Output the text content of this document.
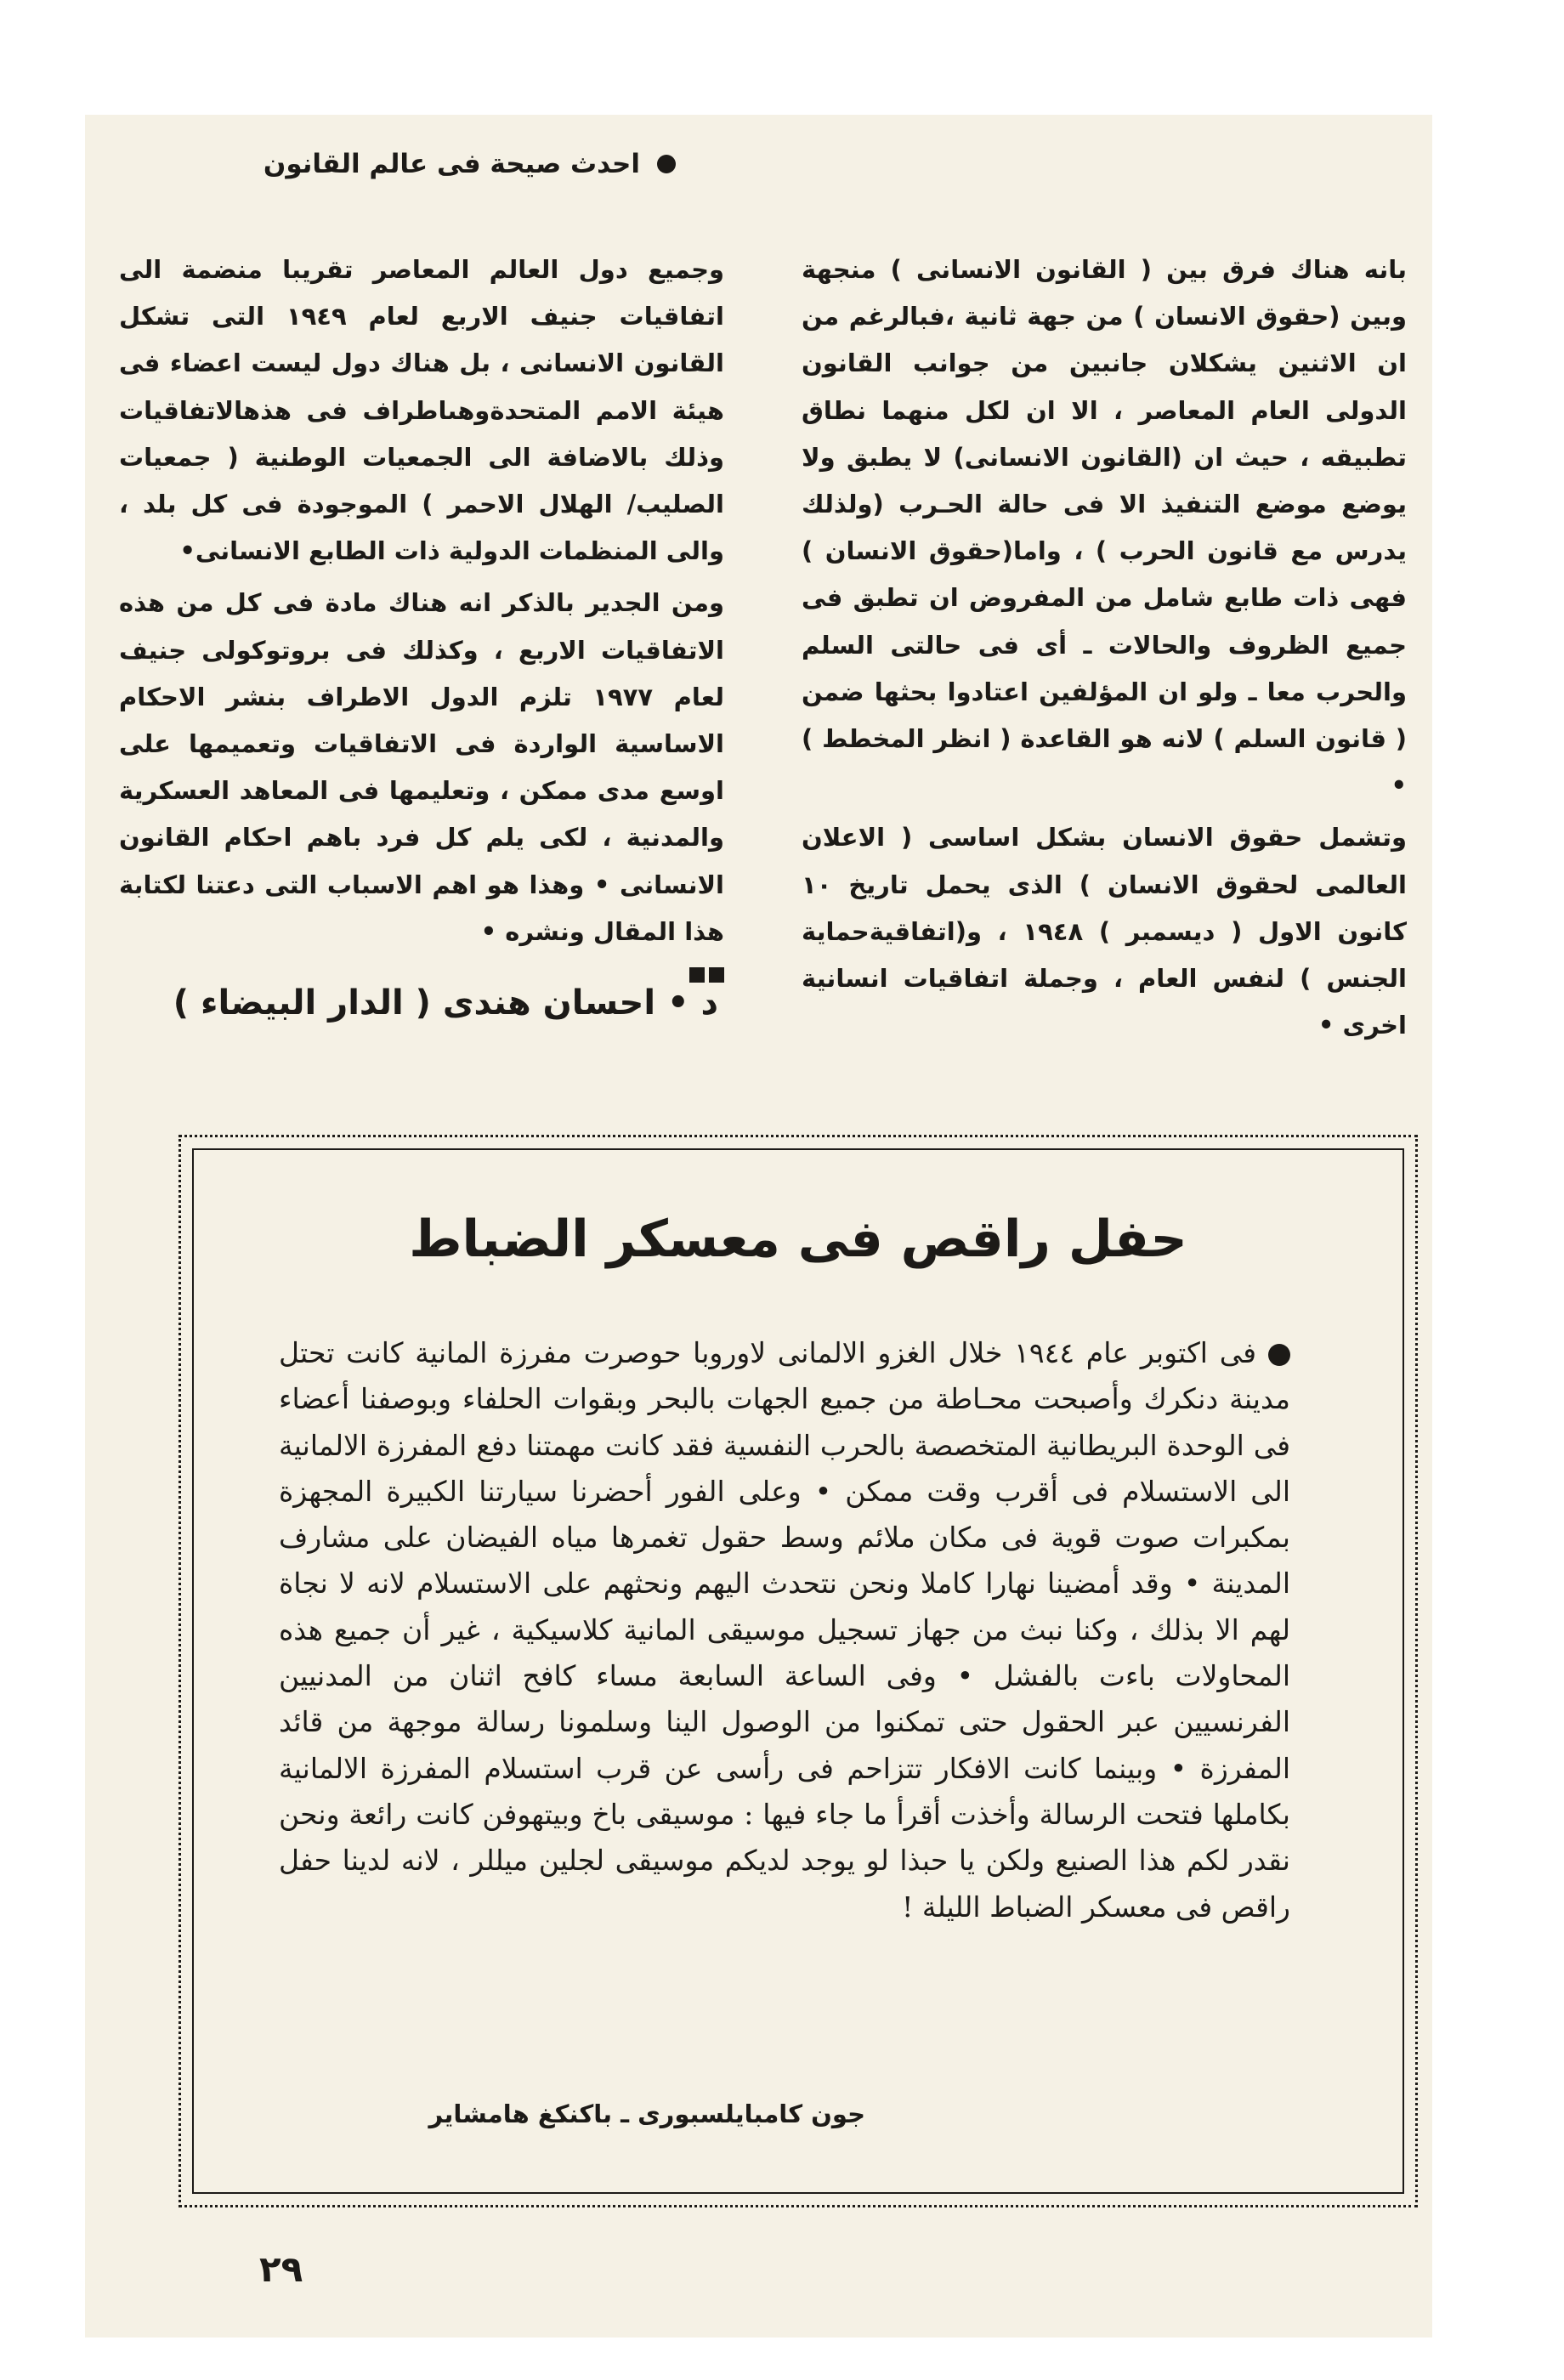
احدث صيحة فى عالم القانون

بانه هناك فرق بين ( القانون الانسانى ) منجهة وبين (حقوق الانسان ) من جهة ثانية ،فبالرغم من ان الاثنين يشكلان جانبين من جوانب القانون الدولى العام المعاصر ، الا ان لكل منهما نطاق تطبيقه ، حيث ان (القانون الانسانى) لا يطبق ولا يوضع موضع التنفيذ الا فى حالة الحـرب (ولذلك يدرس مع قانون الحرب ) ، واما(حقوق الانسان ) فهى ذات طابع شامل من المفروض ان تطبق فى جميع الظروف والحالات ـ أى فى حالتى السلم والحرب معا ـ ولو ان المؤلفين اعتادوا بحثها ضمن ( قانون السلم ) لانه هو القاعدة ( انظر المخطط ) •

وتشمل حقوق الانسان بشكل اساسى ( الاعلان العالمى لحقوق الانسان ) الذى يحمل تاريخ ١٠ كانون الاول ( ديسمبر ) ١٩٤٨ ، و(اتفاقيةحماية الجنس ) لنفس العام ، وجملة اتفاقيات انسانية اخرى •

وجميع دول العالم المعاصر تقريبا منضمة الى اتفاقيات جنيف الاربع لعام ١٩٤٩ التى تشكل القانون الانسانى ، بل هناك دول ليست اعضاء فى هيئة الامم المتحدةوهىاطراف فى هذهالاتفاقيات وذلك بالاضافة الى الجمعيات الوطنية ( جمعيات الصليب/ الهلال الاحمر ) الموجودة فى كل بلد ، والى المنظمات الدولية ذات الطابع الانسانى•

ومن الجدير بالذكر انه هناك مادة فى كل من هذه الاتفاقيات الاربع ، وكذلك فى بروتوكولى جنيف لعام ١٩٧٧ تلزم الدول الاطراف بنشر الاحكام الاساسية الواردة فى الاتفاقيات وتعميمها على اوسع مدى ممكن ، وتعليمها فى المعاهد العسكرية والمدنية ، لكى يلم كل فرد باهم احكام القانون الانسانى • وهذا هو اهم الاسباب التى دعتنا لكتابة هذا المقال ونشره •

د • احسان هندى ( الدار البيضاء )
حفل راقص فى معسكر الضباط
فى اكتوبر عام ١٩٤٤ خلال الغزو الالمانى لاوروبا حوصرت مفرزة المانية كانت تحتل مدينة دنكرك وأصبحت محـاطة من جميع الجهات بالبحر وبقوات الحلفاء وبوصفنا أعضاء فى الوحدة البريطانية المتخصصة بالحرب النفسية فقد كانت مهمتنا دفع المفرزة الالمانية الى الاستسلام فى أقرب وقت ممكن • وعلى الفور أحضرنا سيارتنا الكبيرة المجهزة بمكبرات صوت قوية فى مكان ملائم وسط حقول تغمرها مياه الفيضان على مشارف المدينة • وقد أمضينا نهارا كاملا ونحن نتحدث اليهم ونحثهم على الاستسلام لانه لا نجاة لهم الا بذلك ، وكنا نبث من جهاز تسجيل موسيقى المانية كلاسيكية ، غير أن جميع هذه المحاولات باءت بالفشل • وفى الساعة السابعة مساء كافح اثنان من المدنيين الفرنسيين عبر الحقول حتى تمكنوا من الوصول الينا وسلمونا رسالة موجهة من قائد المفرزة • وبينما كانت الافكار تتزاحم فى رأسى عن قرب استسلام المفرزة الالمانية بكاملها فتحت الرسالة وأخذت أقرأ ما جاء فيها : موسيقى باخ وبيتهوفن كانت رائعة ونحن نقدر لكم هذا الصنيع ولكن يا حبذا لو يوجد لديكم موسيقى لجلين ميللر ، لانه لدينا حفل راقص فى معسكر الضباط الليلة !
جون كامبايلسبورى ـ باكنكغ هامشاير
٢٩
